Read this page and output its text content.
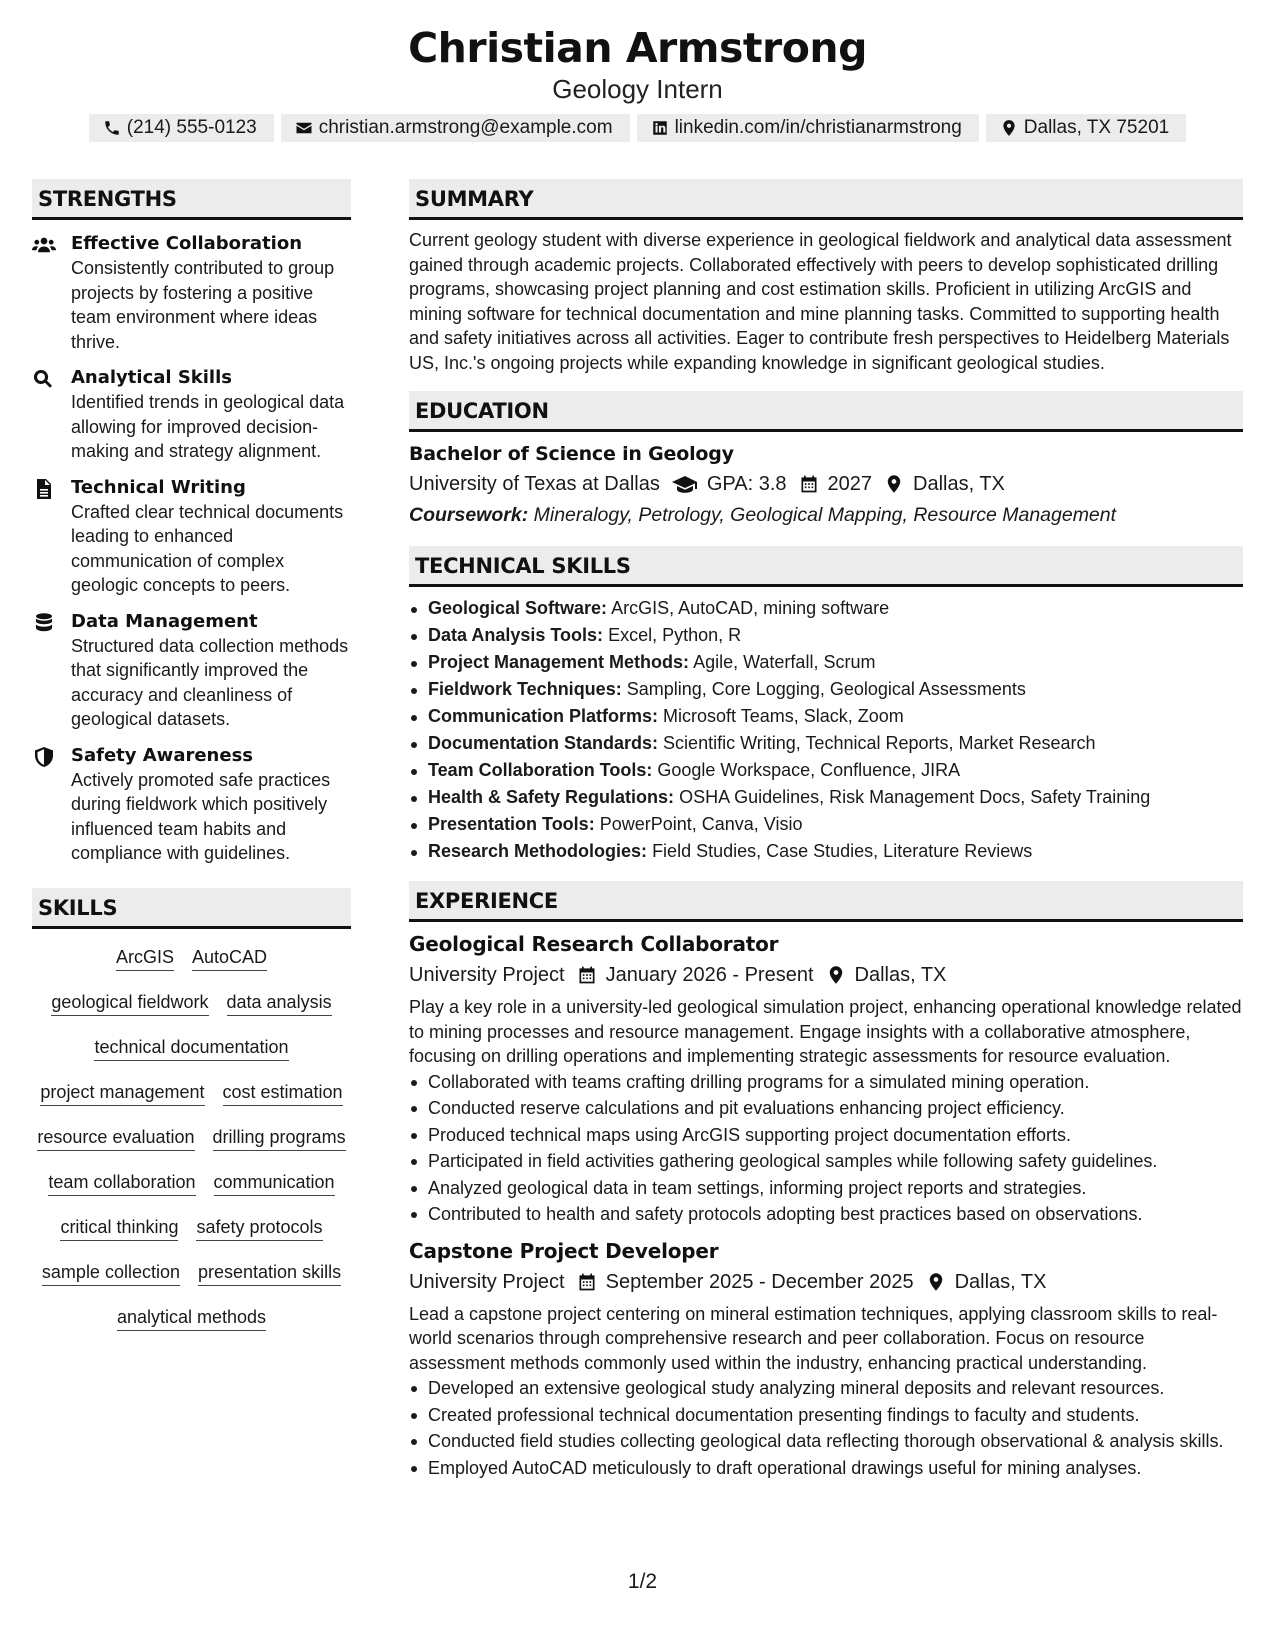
Christian Armstrong
Geology Intern
(214) 555-0123	christian.armstrong@example.com	linkedin.com/in/christianarmstrong	Dallas, TX 75201
STRENGTHS
Effective Collaboration
Consistently contributed to group projects by fostering a positive team environment where ideas thrive.
Analytical Skills
Identified trends in geological data allowing for improved decision-making and strategy alignment.
Technical Writing
Crafted clear technical documents leading to enhanced communication of complex geologic concepts to peers.
Data Management
Structured data collection methods that significantly improved the accuracy and cleanliness of geological datasets.
Safety Awareness
Actively promoted safe practices during fieldwork which positively influenced team habits and compliance with guidelines.
SKILLS
ArcGIS AutoCAD
geological fieldwork data analysis
technical documentation
project management cost estimation
resource evaluation drilling programs
team collaboration communication
critical thinking safety protocols
sample collection presentation skills
analytical methods
SUMMARY
Current geology student with diverse experience in geological fieldwork and analytical data assessment gained through academic projects. Collaborated effectively with peers to develop sophisticated drilling programs, showcasing project planning and cost estimation skills. Proficient in utilizing ArcGIS and mining software for technical documentation and mine planning tasks. Committed to supporting health and safety initiatives across all activities. Eager to contribute fresh perspectives to Heidelberg Materials US, Inc.'s ongoing projects while expanding knowledge in significant geological studies.
EDUCATION
Bachelor of Science in Geology
University of Texas at Dallas GPA: 3.8 2027 Dallas, TX
Coursework: Mineralogy, Petrology, Geological Mapping, Resource Management
TECHNICAL SKILLS
Geological Software: ArcGIS, AutoCAD, mining software
Data Analysis Tools: Excel, Python, R
Project Management Methods: Agile, Waterfall, Scrum
Fieldwork Techniques: Sampling, Core Logging, Geological Assessments
Communication Platforms: Microsoft Teams, Slack, Zoom
Documentation Standards: Scientific Writing, Technical Reports, Market Research
Team Collaboration Tools: Google Workspace, Confluence, JIRA
Health & Safety Regulations: OSHA Guidelines, Risk Management Docs, Safety Training
Presentation Tools: PowerPoint, Canva, Visio
Research Methodologies: Field Studies, Case Studies, Literature Reviews
EXPERIENCE
Geological Research Collaborator
University Project January 2026 - Present Dallas, TX
Play a key role in a university-led geological simulation project, enhancing operational knowledge related to mining processes and resource management. Engage insights with a collaborative atmosphere, focusing on drilling operations and implementing strategic assessments for resource evaluation.
Collaborated with teams crafting drilling programs for a simulated mining operation.
Conducted reserve calculations and pit evaluations enhancing project efficiency.
Produced technical maps using ArcGIS supporting project documentation efforts.
Participated in field activities gathering geological samples while following safety guidelines.
Analyzed geological data in team settings, informing project reports and strategies.
Contributed to health and safety protocols adopting best practices based on observations.
Capstone Project Developer
University Project September 2025 - December 2025 Dallas, TX
Lead a capstone project centering on mineral estimation techniques, applying classroom skills to real-world scenarios through comprehensive research and peer collaboration. Focus on resource assessment methods commonly used within the industry, enhancing practical understanding.
Developed an extensive geological study analyzing mineral deposits and relevant resources.
Created professional technical documentation presenting findings to faculty and students.
Conducted field studies collecting geological data reflecting thorough observational & analysis skills.
Employed AutoCAD meticulously to draft operational drawings useful for mining analyses.
1/2
